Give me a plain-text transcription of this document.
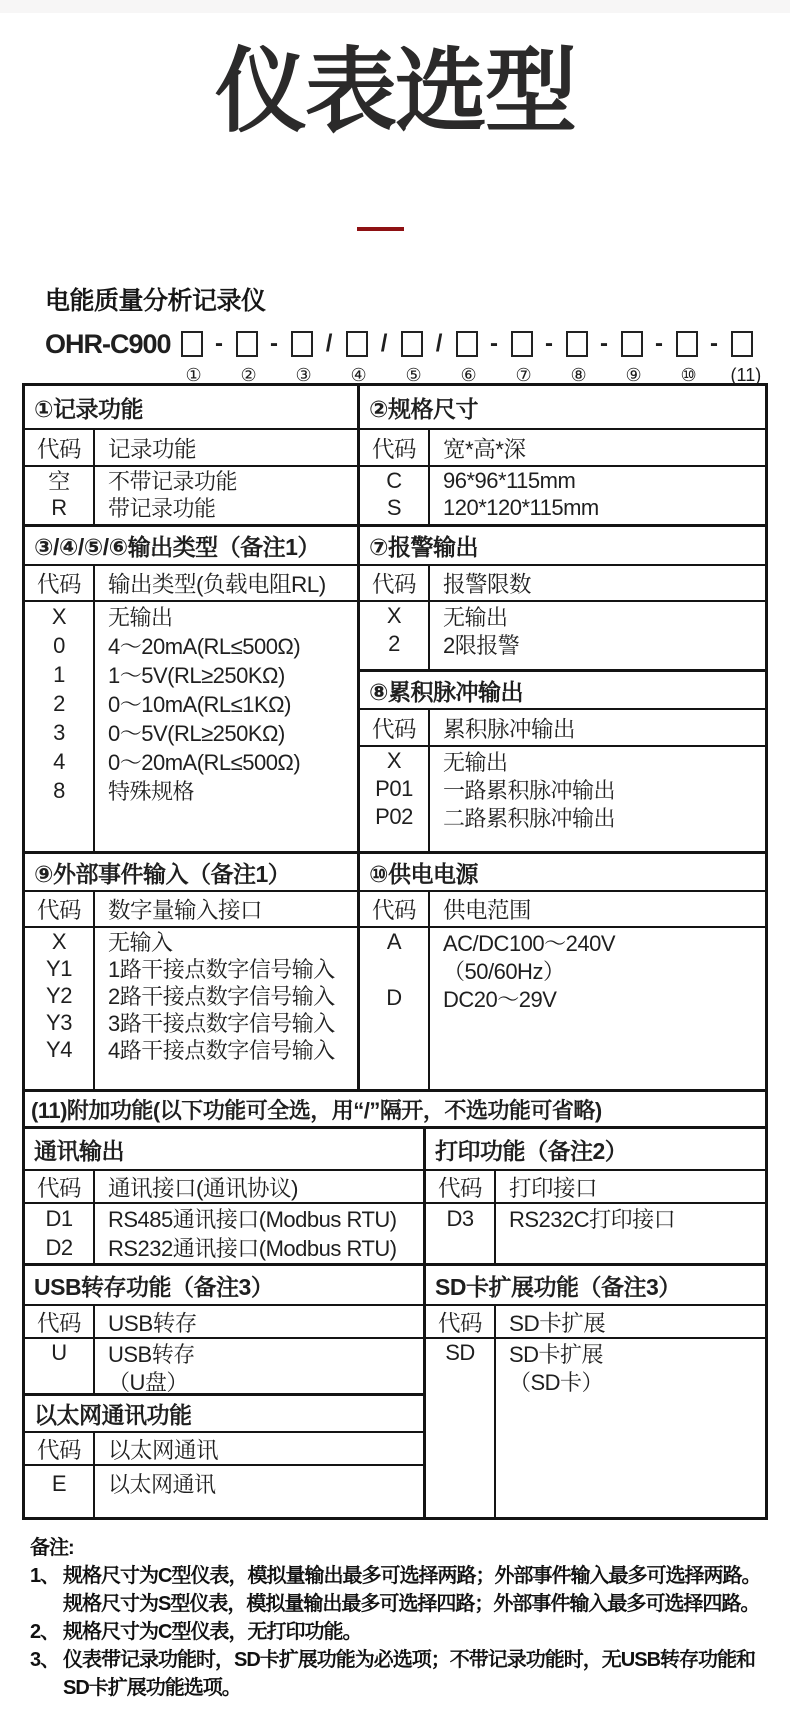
仪表选型
电能质量分析记录仪
OHR-C900	-
①
-
②
/
③
/
④
/
⑤
-
⑥
-
⑦
-
⑧
-
⑨
-
⑩ (11)
①记录功能
代码	记录功能
空	不带记录功能
R	带记录功能
③/④/⑤/⑥输出类型（备注1）
代码	输出类型(负载电阻RL)
X	无输出
0	4～20mA(RL≤500Ω)
1	1～5V(RL≥250KΩ)
2	0～10mA(RL≤1KΩ)
3	0～5V(RL≥250KΩ)
4	0～20mA(RL≤500Ω)
8	特殊规格
②规格尺寸
代码	宽*高*深
C	96*96*115mm
S	120*120*115mm
⑦报警输出
代码	报警限数
X	无输出
2	2限报警
⑧累积脉冲输出
代码	累积脉冲输出
X	无输出
P01	一路累积脉冲输出
P02	二路累积脉冲输出
⑨外部事件输入（备注1）
代码	数字量输入接口
X	无输入
Y1	1路干接点数字信号输入
Y2	2路干接点数字信号输入
Y3	3路干接点数字信号输入
Y4	4路干接点数字信号输入
⑩供电电源
代码	供电范围
A	AC/DC100～240V
（50/60Hz）
D	DC20～29V
(11)附加功能(以下功能可全选，用“/”隔开，不选功能可省略)
通讯输出
代码	通讯接口(通讯协议)
D1	RS485通讯接口(Modbus RTU)
D2	RS232通讯接口(Modbus RTU)
USB转存功能（备注3）
代码	USB转存
U	USB转存
（U盘）
以太网通讯功能
代码	以太网通讯
E	以太网通讯
打印功能（备注2）
代码	打印接口
D3	RS232C打印接口
SD卡扩展功能（备注3）
代码	SD卡扩展
SD	SD卡扩展
（SD卡）
备注:
1、 规格尺寸为C型仪表，模拟量输出最多可选择两路；外部事件输入最多可选择两路。
规格尺寸为S型仪表，模拟量输出最多可选择四路；外部事件输入最多可选择四路。
2、 规格尺寸为C型仪表，无打印功能。
3、 仪表带记录功能时，SD卡扩展功能为必选项；不带记录功能时，无USB转存功能和
SD卡扩展功能选项。
